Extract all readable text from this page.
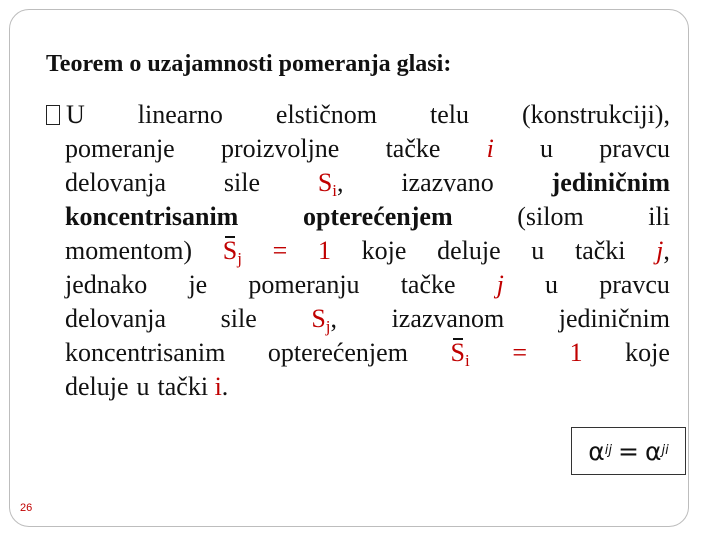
Teorem o uzajamnosti pomeranja glasi:
U linearno elstičnom telu (konstrukciji),
pomeranje proizvoljne tačke i u pravcu
delovanja sile $S_i$, izazvano jediničnim
koncentrisanim opterećenjem (silom ili
momentom) $S_j = 1$ koje deluje u tački j,
jednako je pomeranju tačke j u pravcu
delovanja sile $S_j$, izazvanom jediničnim
koncentrisanim opterećenjem $S_i = 1$ koje
deluje u tački i.
α ij = α ji
26
